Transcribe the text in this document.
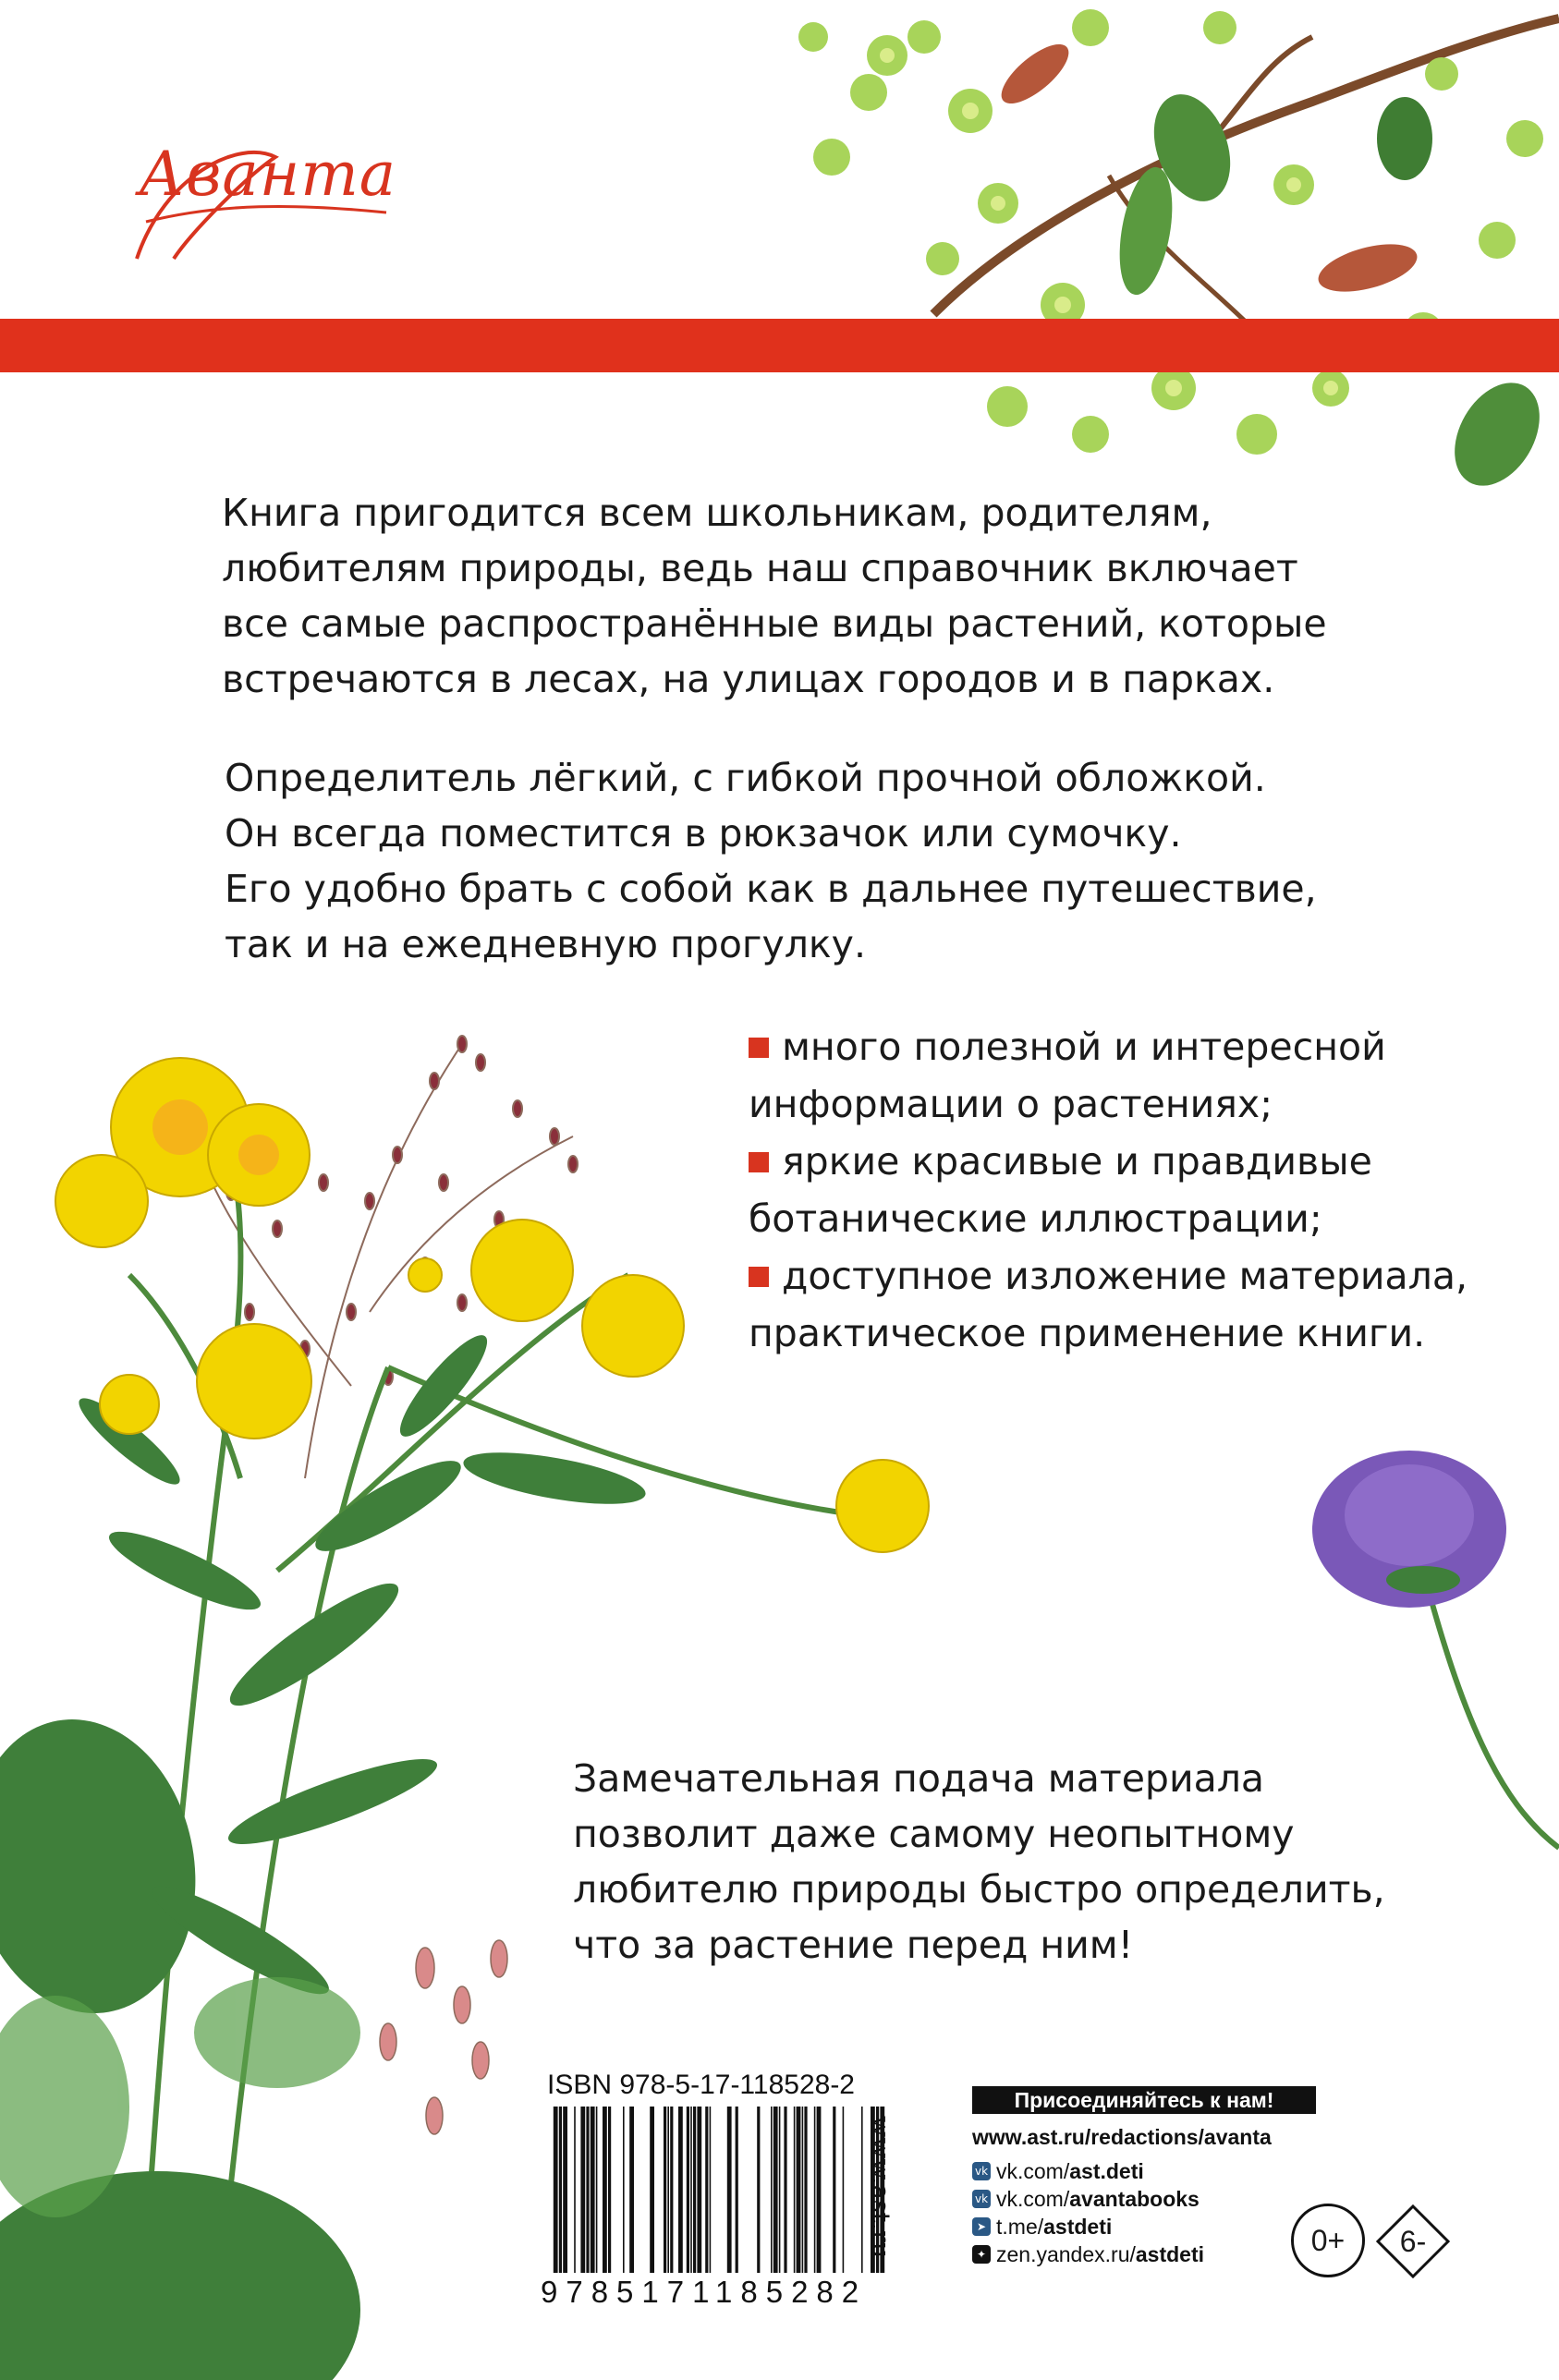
Аванта

Книга пригодится всем школьникам, родителям,

любителям природы, ведь наш справочник включает

все самые распространённые виды растений, которые

встречаются в лесах, на улицах городов и в парках.

Определитель лёгкий, с гибкой прочной обложкой.

Он всегда поместится в рюкзачок или сумочку.

Его удобно брать с собой как в дальнее путешествие,

так и на ежедневную прогулку.

много полезной и интересной

информации о растениях;

яркие красивые и правдивые

ботанические иллюстрации;

доступное изложение материала,

практическое применение книги.

Замечательная подача материала

позволит даже самому неопытному

любителю природы быстро определить,

что за растение перед ним!

ISBN 978-5-17-118528-2
9785171185282
www.ast.ru
Присоединяйтесь к нам!
www.ast.ru/redactions/avanta
vk vk.com/ ast.deti
vk vk.com/ avantabooks
➤ t.me/ astdeti
✦ zen.yandex.ru/ astdeti	0+	6-
